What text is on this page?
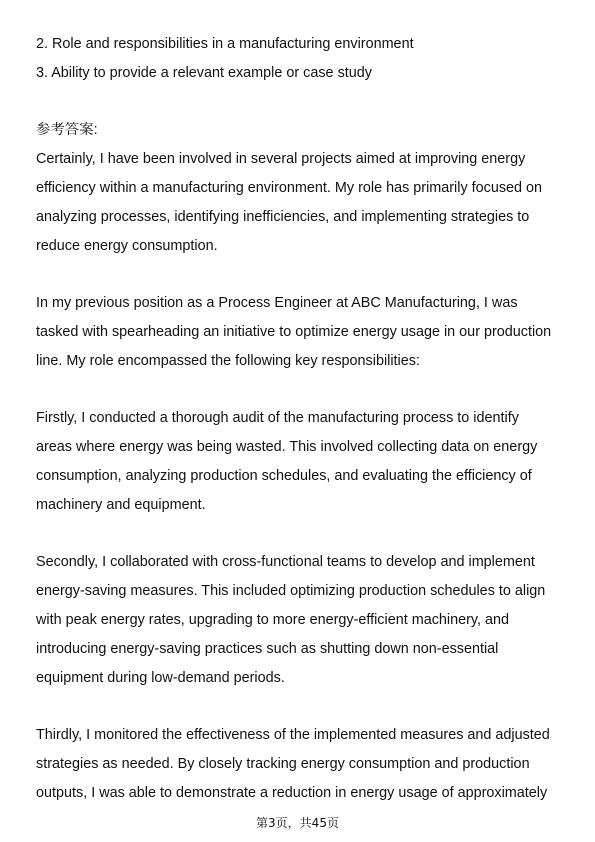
2. Role and responsibilities in a manufacturing environment
3. Ability to provide a relevant example or case study
参考答案:
Certainly, I have been involved in several projects aimed at improving energy
efficiency within a manufacturing environment. My role has primarily focused on
analyzing processes, identifying inefficiencies, and implementing strategies to
reduce energy consumption.
In my previous position as a Process Engineer at ABC Manufacturing, I was
tasked with spearheading an initiative to optimize energy usage in our production
line. My role encompassed the following key responsibilities:
Firstly, I conducted a thorough audit of the manufacturing process to identify
areas where energy was being wasted. This involved collecting data on energy
consumption, analyzing production schedules, and evaluating the efficiency of
machinery and equipment.
Secondly, I collaborated with cross-functional teams to develop and implement
energy-saving measures. This included optimizing production schedules to align
with peak energy rates, upgrading to more energy-efficient machinery, and
introducing energy-saving practices such as shutting down non-essential
equipment during low-demand periods.
Thirdly, I monitored the effectiveness of the implemented measures and adjusted
strategies as needed. By closely tracking energy consumption and production
outputs, I was able to demonstrate a reduction in energy usage of approximately
第3页，共45页
